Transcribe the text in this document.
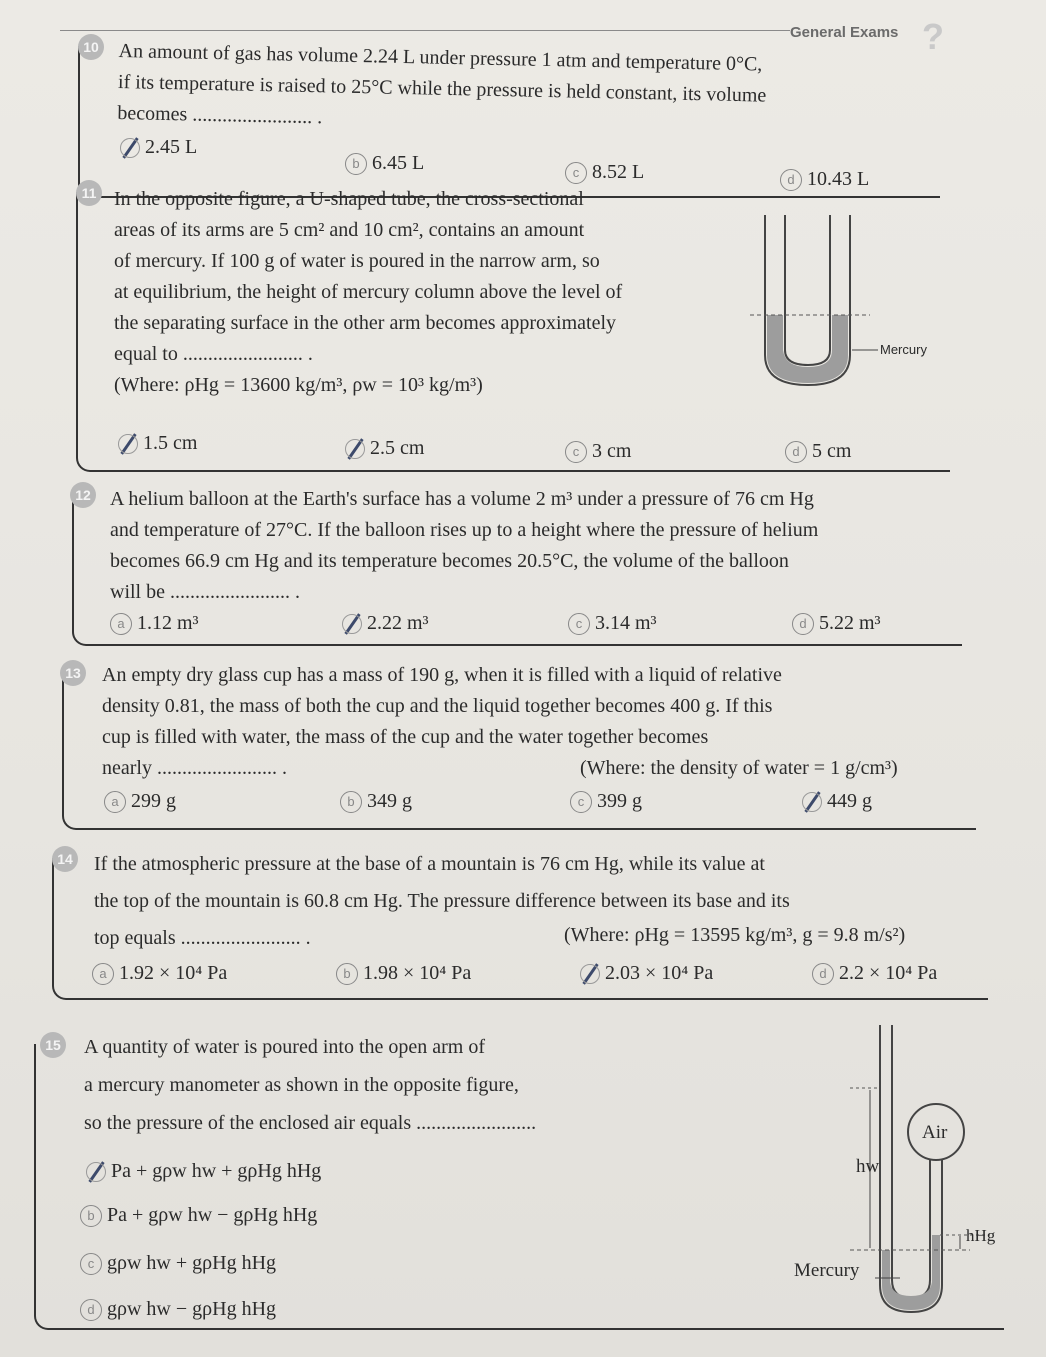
General Exams ?
10 An amount of gas has volume 2.24 L under pressure 1 atm and temperature 0°C,
if its temperature is raised to 25°C while the pressure is held constant, its volume
becomes ........................ .
2.45 L
b 6.45 L	c 8.52 L	d 10.43 L
11 In the opposite figure, a U-shaped tube, the cross-sectional
areas of its arms are 5 cm² and 10 cm², contains an amount
of mercury. If 100 g of water is poured in the narrow arm, so
at equilibrium, the height of mercury column above the level of
the separating surface in the other arm becomes approximately
equal to ........................ .
(Where: ρHg = 13600 kg/m³, ρw = 10³ kg/m³)
Mercury
1.5 cm	2.5 cm	c 3 cm	d 5 cm
12 A helium balloon at the Earth's surface has a volume 2 m³ under a pressure of 76 cm Hg
and temperature of 27°C. If the balloon rises up to a height where the pressure of helium
becomes 66.9 cm Hg and its temperature becomes 20.5°C, the volume of the balloon
will be ........................ .
a 1.12 m³	2.22 m³	c 3.14 m³	d 5.22 m³
13 An empty dry glass cup has a mass of 190 g, when it is filled with a liquid of relative
density 0.81, the mass of both the cup and the liquid together becomes 400 g. If this
cup is filled with water, the mass of the cup and the water together becomes
nearly ........................ .	(Where: the density of water = 1 g/cm³)
a 299 g	b 349 g	c 399 g	449 g
14 If the atmospheric pressure at the base of a mountain is 76 cm Hg, while its value at
the top of the mountain is 60.8 cm Hg. The pressure difference between its base and its
top equals ........................ .	(Where: ρHg = 13595 kg/m³, g = 9.8 m/s²)
a 1.92 × 10⁴ Pa	b 1.98 × 10⁴ Pa	2.03 × 10⁴ Pa	d 2.2 × 10⁴ Pa
15 A quantity of water is poured into the open arm of
a mercury manometer as shown in the opposite figure,
so the pressure of the enclosed air equals ........................
Pa + gρw hw + gρHg hHg
b Pa + gρw hw − gρHg hHg
c gρw hw + gρHg hHg
d gρw hw − gρHg hHg
Air
hw
hHg
Mercury
